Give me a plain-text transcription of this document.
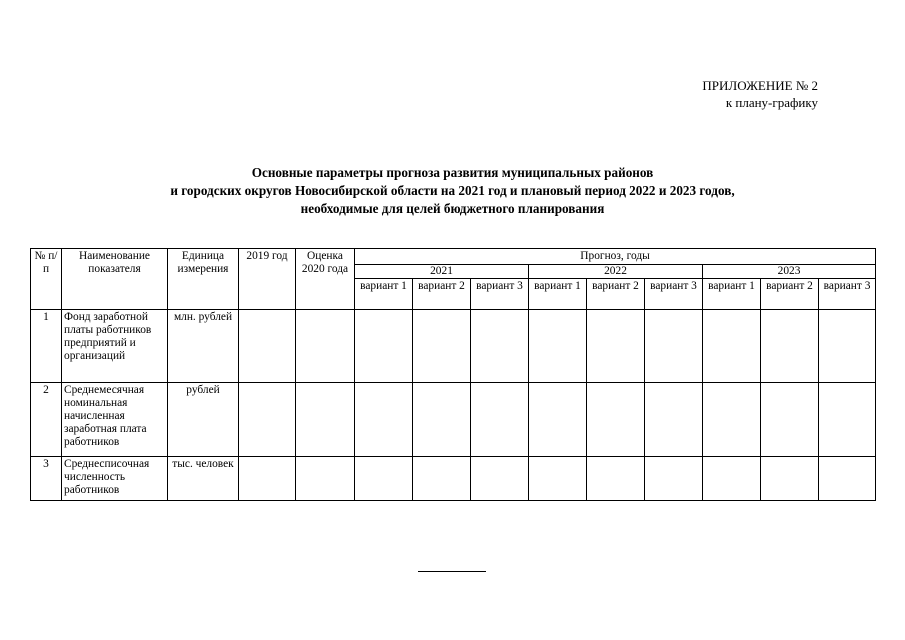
ПРИЛОЖЕНИЕ № 2
к плану-графику
Основные параметры прогноза развития муниципальных районов
и городских округов Новосибирской области на 2021 год и плановый период 2022 и 2023 годов,
необходимые для целей бюджетного планирования
№ п/п	Наименование показателя	Единица измерения	2019 год	Оценка 2020 года	Прогноз, годы								
					2021			2022			2023		
					вариант 1	вариант 2	вариант 3	вариант 1	вариант 2	вариант 3	вариант 1	вариант 2	вариант 3
1	Фонд заработной платы работников предприятий и организаций	млн. рублей											
2	Среднемесячная номинальная начисленная заработная плата работников	рублей											
3	Среднесписочная численность работников	тыс. человек											
